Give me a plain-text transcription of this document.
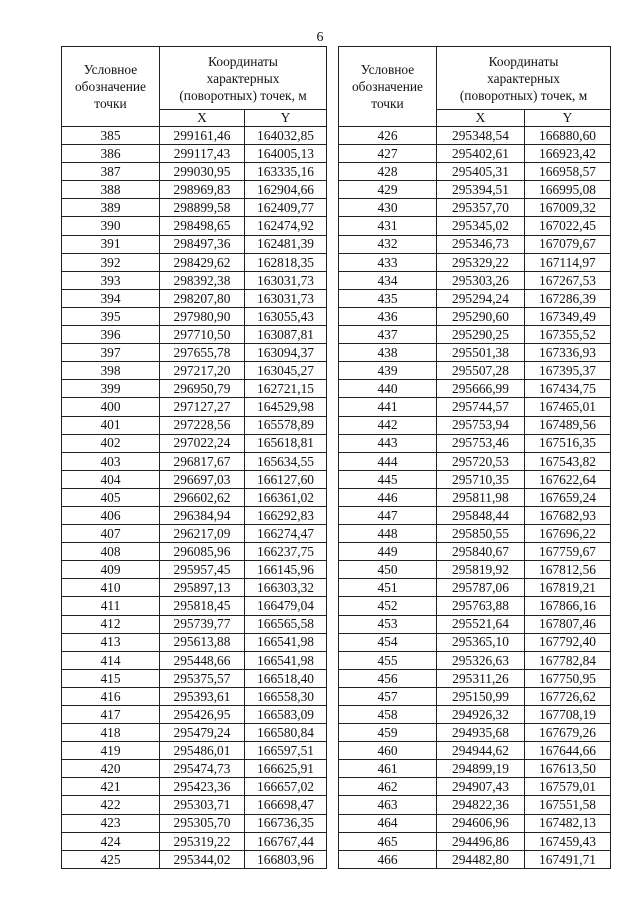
6
Условное
обозначение
точки	Координаты
характерных
(поворотных) точек, м	
	X	Y
385	299161,46	164032,85
386	299117,43	164005,13
387	299030,95	163335,16
388	298969,83	162904,66
389	298899,58	162409,77
390	298498,65	162474,92
391	298497,36	162481,39
392	298429,62	162818,35
393	298392,38	163031,73
394	298207,80	163031,73
395	297980,90	163055,43
396	297710,50	163087,81
397	297655,78	163094,37
398	297217,20	163045,27
399	296950,79	162721,15
400	297127,27	164529,98
401	297228,56	165578,89
402	297022,24	165618,81
403	296817,67	165634,55
404	296697,03	166127,60
405	296602,62	166361,02
406	296384,94	166292,83
407	296217,09	166274,47
408	296085,96	166237,75
409	295957,45	166145,96
410	295897,13	166303,32
411	295818,45	166479,04
412	295739,77	166565,58
413	295613,88	166541,98
414	295448,66	166541,98
415	295375,57	166518,40
416	295393,61	166558,30
417	295426,95	166583,09
418	295479,24	166580,84
419	295486,01	166597,51
420	295474,73	166625,91
421	295423,36	166657,02
422	295303,71	166698,47
423	295305,70	166736,35
424	295319,22	166767,44
425	295344,02	166803,96
Условное
обозначение
точки	Координаты
характерных
(поворотных) точек, м	
	X	Y
426	295348,54	166880,60
427	295402,61	166923,42
428	295405,31	166958,57
429	295394,51	166995,08
430	295357,70	167009,32
431	295345,02	167022,45
432	295346,73	167079,67
433	295329,22	167114,97
434	295303,26	167267,53
435	295294,24	167286,39
436	295290,60	167349,49
437	295290,25	167355,52
438	295501,38	167336,93
439	295507,28	167395,37
440	295666,99	167434,75
441	295744,57	167465,01
442	295753,94	167489,56
443	295753,46	167516,35
444	295720,53	167543,82
445	295710,35	167622,64
446	295811,98	167659,24
447	295848,44	167682,93
448	295850,55	167696,22
449	295840,67	167759,67
450	295819,92	167812,56
451	295787,06	167819,21
452	295763,88	167866,16
453	295521,64	167807,46
454	295365,10	167792,40
455	295326,63	167782,84
456	295311,26	167750,95
457	295150,99	167726,62
458	294926,32	167708,19
459	294935,68	167679,26
460	294944,62	167644,66
461	294899,19	167613,50
462	294907,43	167579,01
463	294822,36	167551,58
464	294606,96	167482,13
465	294496,86	167459,43
466	294482,80	167491,71
